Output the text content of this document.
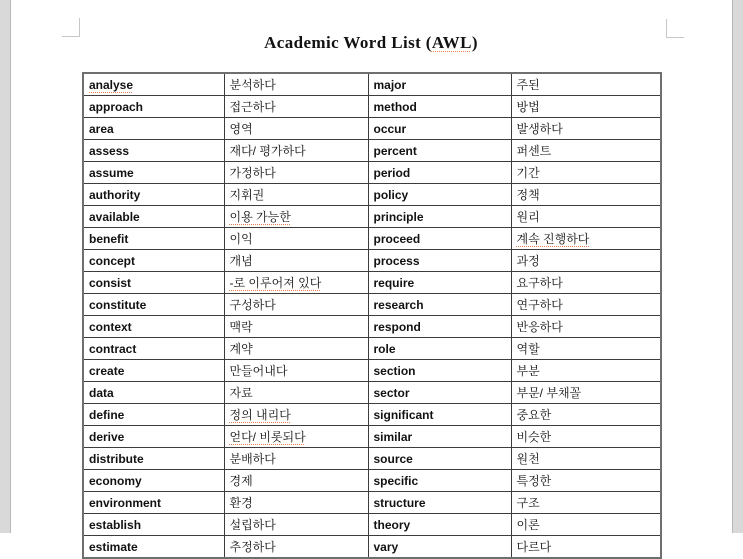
Academic Word List (AWL)
analyse	분석하다	major	주된
approach	접근하다	method	방법
area	영역	occur	발생하다
assess	재다/ 평가하다	percent	퍼센트
assume	가정하다	period	기간
authority	지휘권	policy	정책
available	이용 가능한	principle	원리
benefit	이익	proceed	계속 진행하다
concept	개념	process	과정
consist	-로 이루어져 있다	require	요구하다
constitute	구성하다	research	연구하다
context	맥락	respond	반응하다
contract	계약	role	역할
create	만들어내다	section	부분
data	자료	sector	부문/ 부채꼴
define	정의 내리다	significant	중요한
derive	얻다/ 비롯되다	similar	비슷한
distribute	분배하다	source	원천
economy	경제	specific	특정한
environment	환경	structure	구조
establish	설립하다	theory	이론
estimate	추정하다	vary	다르다
